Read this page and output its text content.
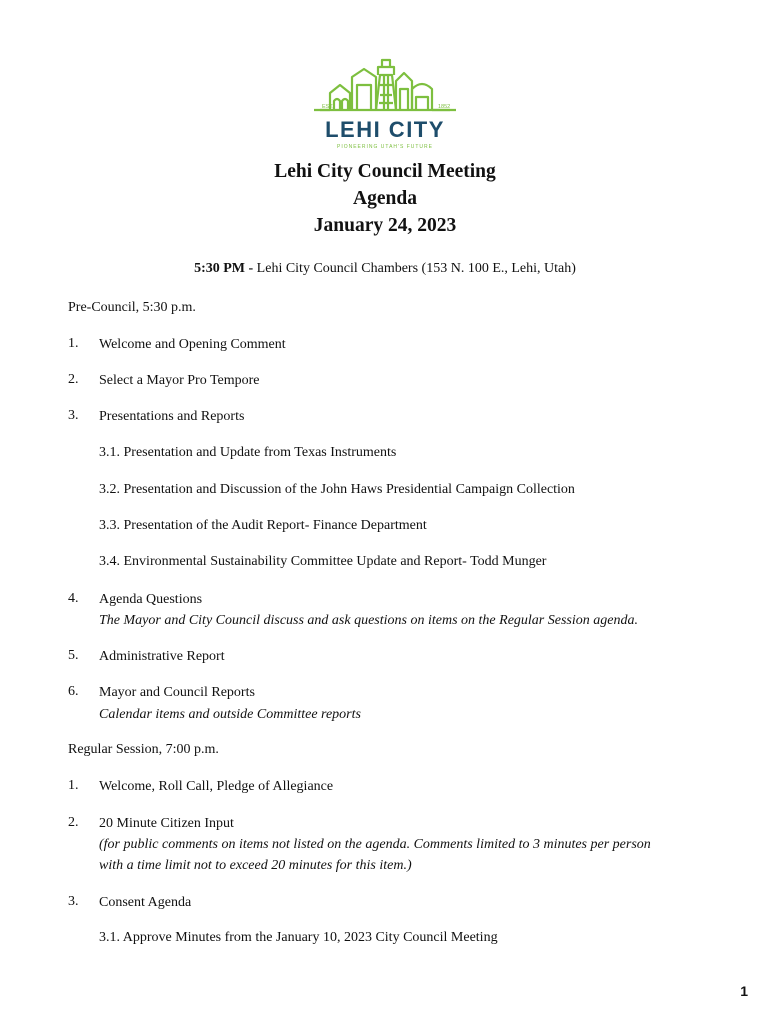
EST.	1852
LEHI CITY
PIONEERING UTAH'S FUTURE
Lehi City Council Meeting
Agenda
January 24, 2023
5:30 PM - Lehi City Council Chambers (153 N. 100 E., Lehi, Utah)
Pre-Council, 5:30 p.m.
1. Welcome and Opening Comment
2. Select a Mayor Pro Tempore
3. Presentations and Reports
3.1. Presentation and Update from Texas Instruments
3.2. Presentation and Discussion of the John Haws Presidential Campaign Collection
3.3. Presentation of the Audit Report- Finance Department
3.4. Environmental Sustainability Committee Update and Report- Todd Munger
4. Agenda Questions
The Mayor and City Council discuss and ask questions on items on the Regular Session agenda.
5. Administrative Report
6. Mayor and Council Reports
Calendar items and outside Committee reports
Regular Session, 7:00 p.m.
1. Welcome, Roll Call, Pledge of Allegiance
2. 20 Minute Citizen Input
(for public comments on items not listed on the agenda. Comments limited to 3 minutes per person
with a time limit not to exceed 20 minutes for this item.)
3. Consent Agenda
3.1. Approve Minutes from the January 10, 2023 City Council Meeting
1
